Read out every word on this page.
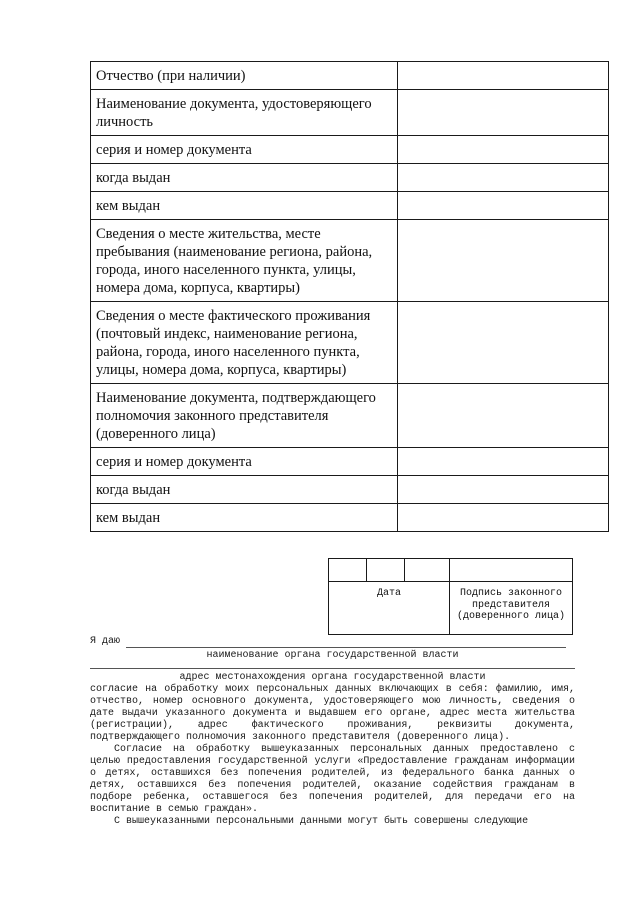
Отчество (при наличии)	
Наименование документа, удостоверяющего личность	
серия и номер документа	
когда выдан	
кем выдан	
Сведения о месте жительства, месте пребывания (наименование региона, района, города, иного населенного пункта, улицы, номера дома, корпуса, квартиры)	
Сведения о месте фактического проживания (почтовый индекс, наименование региона, района, города, иного населенного пункта, улицы, номера дома, корпуса, квартиры)	
Наименование документа, подтверждающего полномочия законного представителя (доверенного лица)	
серия и номер документа	
когда выдан	
кем выдан	

Дата			Подпись законного представителя (доверенного лица)
Я даю
наименование органа государственной власти
адрес местонахождения органа государственной власти

согласие на обработку моих персональных данных включающих в себя: фамилию, имя, отчество, номер основного документа, удостоверяющего мою личность, сведения о дате выдачи указанного документа и выдавшем его органе, адрес места жительства (регистрации), адрес фактического проживания, реквизиты документа, подтверждающего полномочия законного представителя (доверенного лица).

Согласие на обработку вышеуказанных персональных данных предоставлено с целью предоставления государственной услуги «Предоставление гражданам информации о детях, оставшихся без попечения родителей, из федерального банка данных о детях, оставшихся без попечения родителей, оказание содействия гражданам в подборе ребенка, оставшегося без попечения родителей, для передачи его на воспитание в семью граждан».

С вышеуказанными персональными данными могут быть совершены следующие
